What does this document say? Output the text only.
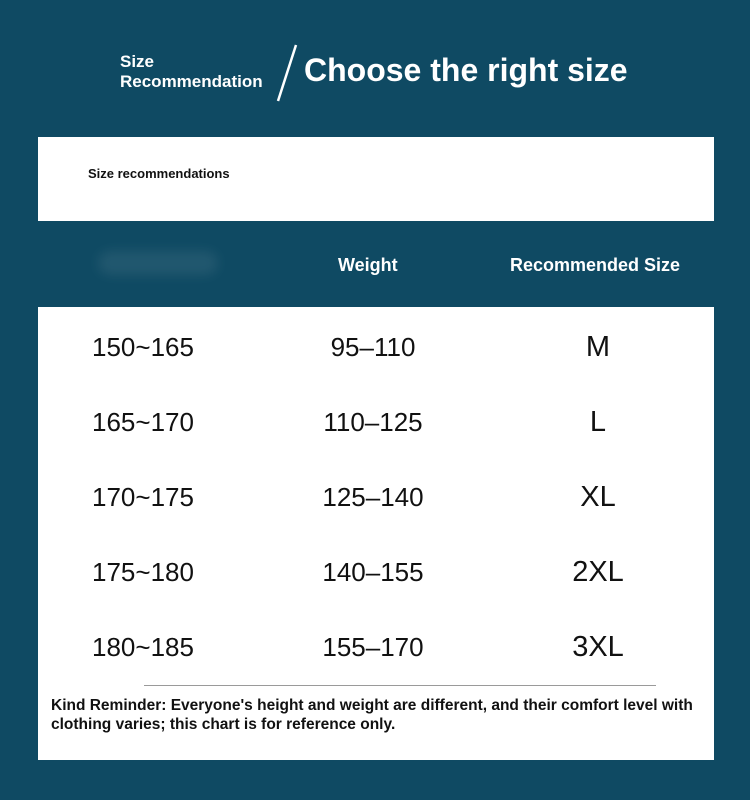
Size
Recommendation Choose the right size
Size recommendations
Weight	Recommended Size
150~165	95–110	M
165~170	110–125	L
170~175	125–140	XL
175~180	140–155	2XL
180~185	155–170	3XL
Kind Reminder: Everyone's height and weight are different, and their comfort level with clothing varies; this chart is for reference only.
